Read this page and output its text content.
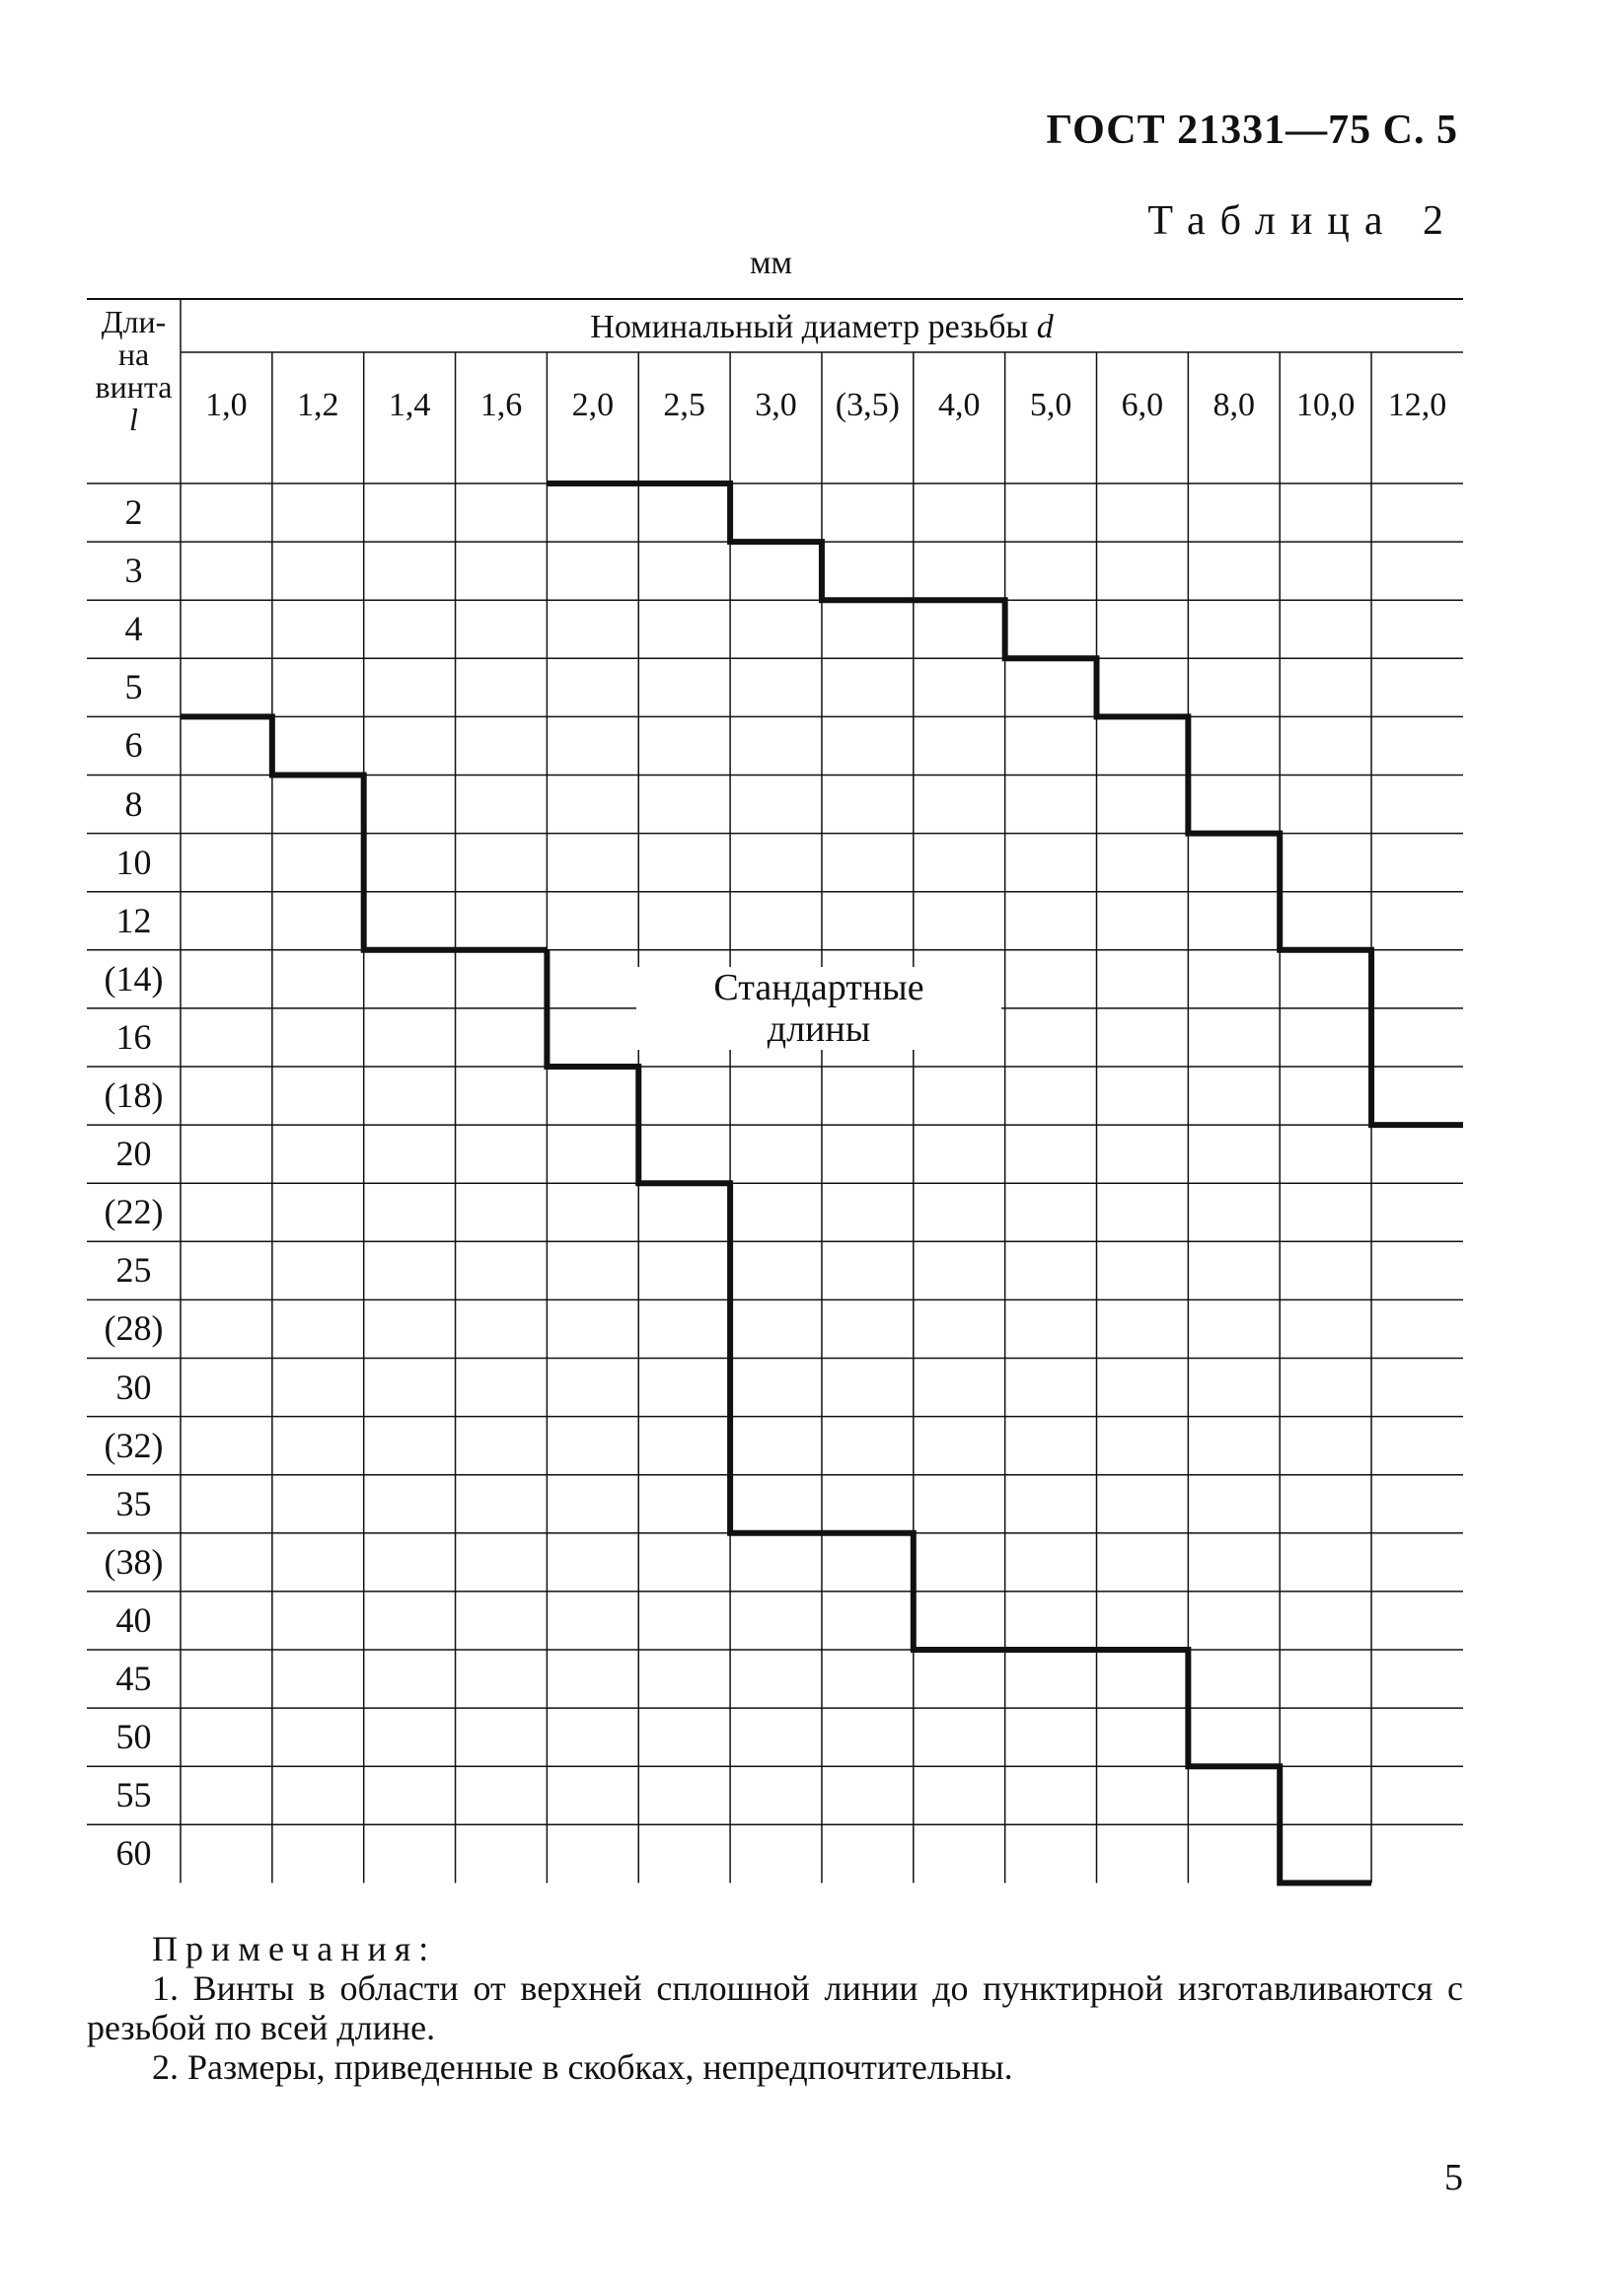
ГОСТ 21331—75 С. 5
Таблица 2
мм
Дли-
на
винта
l
Номинальный диаметр резьбы d
1,0	1,2	1,4	1,6	2,0	2,5	3,0	(3,5)	4,0	5,0	6,0	8,0	10,0 12,0
2
3
4
5
6
8
10
12
(14)
16
(18)
20
(22)
25
(28)
30
(32)
35
(38)
40
45
50
55
60
Стандартные
длины
Примечания:
1. Винты в области от верхней сплошной линии до пунктирной изготавливаются с резьбой по всей длине.
2. Размеры, приведенные в скобках, непредпочтительны.
5
